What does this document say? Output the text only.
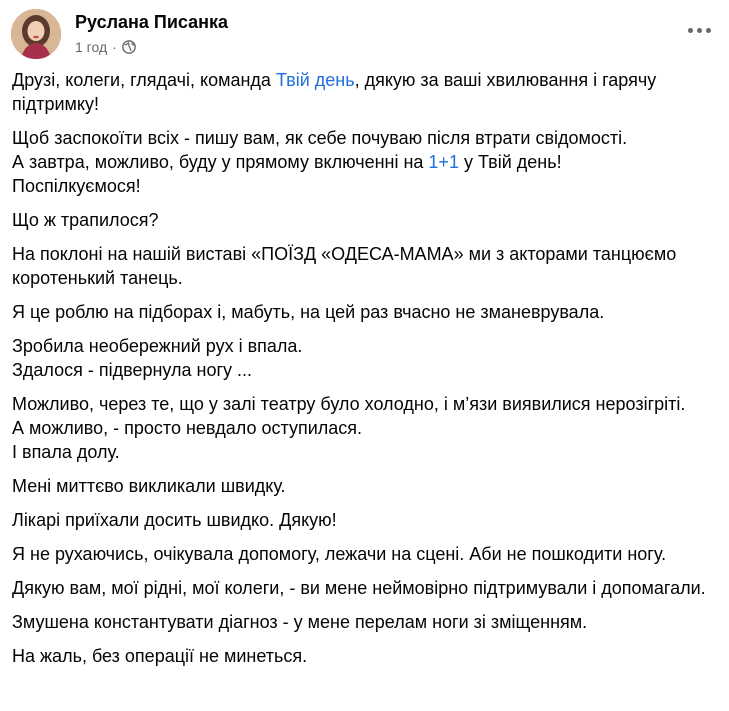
Руслана Писанка
1 год ·

Друзі, колеги, глядачі, команда Твій день, дякую за ваші хвилювання і гарячу підтримку!

Щоб заспокоїти всіх - пишу вам, як себе почуваю після втрати свідомості.
А завтра, можливо, буду у прямому включенні на 1+1 у Твій день!
Поспілкуємося!

Що ж трапилося?

На поклоні на нашій виставі «ПОЇЗД «ОДЕСА-МАМА» ми з акторами танцюємо коротенький танець.

Я це роблю на підборах і, мабуть, на цей раз вчасно не зманеврувала.

Зробила необережний рух і впала.
Здалося - підвернула ногу ...

Можливо, через те, що у залі театру було холодно, і м’язи виявилися нерозігріті.
А можливо, - просто невдало оступилася.
І впала долу.

Мені миттєво викликали швидку.

Лікарі приїхали досить швидко. Дякую!

Я не рухаючись, очікувала допомогу, лежачи на сцені. Аби не пошкодити ногу.

Дякую вам, мої рідні, мої колеги, - ви мене неймовірно підтримували і допомагали.

Змушена константувати діагноз - у мене перелам ноги зі зміщенням.

На жаль, без операції не минеться.
